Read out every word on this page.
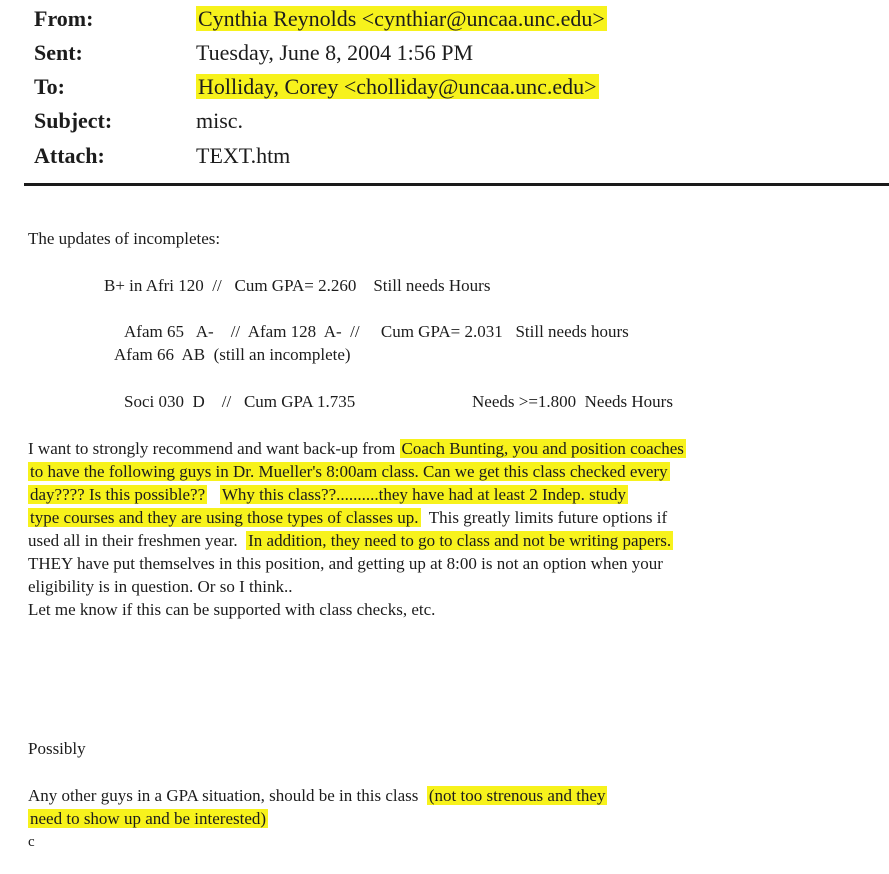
From:	Cynthia Reynolds <cynthiar@uncaa.unc.edu>
Sent:	Tuesday, June 8, 2004 1:56 PM
To:	Holliday, Corey <cholliday@uncaa.unc.edu>
Subject:	misc.
Attach:	TEXT.htm
The updates of incompletes:
B+ in Afri 120  //   Cum GPA= 2.260    Still needs Hours
Afam 65   A-    //  Afam 128  A-  //     Cum GPA= 2.031   Still needs hours
Afam 66  AB  (still an incomplete)
Soci 030  D    //   Cum GPA 1.735	Needs >=1.800  Needs Hours
I want to strongly recommend and want back-up from Coach Bunting, you and position coaches
to have the following guys in Dr. Mueller's 8:00am class. Can we get this class checked every
day???? Is this possible?? Why this class??..........they have had at least 2 Indep. study
type courses and they are using those types of classes up.  This greatly limits future options if
used all in their freshmen year.  In addition, they need to go to class and not be writing papers.
THEY have put themselves in this position, and getting up at 8:00 is not an option when your
eligibility is in question. Or so I think..
Let me know if this can be supported with class checks, etc.
Possibly
Any other guys in a GPA situation, should be in this class  (not too strenous and they
need to show up and be interested)
c
